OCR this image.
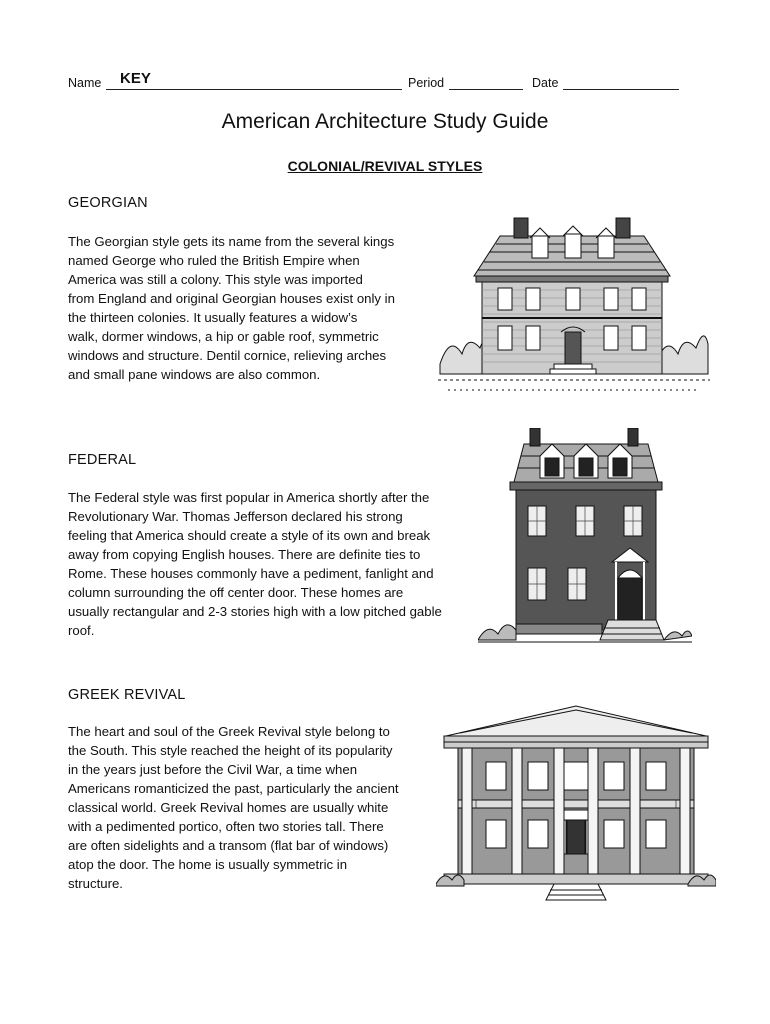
Name KEY	Period	Date
American Architecture Study Guide
COLONIAL/REVIVAL STYLES
GEORGIAN
The Georgian style gets its name from the several kings
named George who ruled the British Empire when
America was still a colony. This style was imported
from England and original Georgian houses exist only in
the thirteen colonies. It usually features a widow’s
walk, dormer windows, a hip or gable roof, symmetric
windows and structure. Dentil cornice, relieving arches
and small pane windows are also common.
FEDERAL
The Federal style was first popular in America shortly after the
Revolutionary War. Thomas Jefferson declared his strong
feeling that America should create a style of its own and break
away from copying English houses. There are definite ties to
Rome. These houses commonly have a pediment, fanlight and
column surrounding the off center door. These homes are
usually rectangular and 2-3 stories high with a low pitched gable
roof.
GREEK REVIVAL
The heart and soul of the Greek Revival style belong to
the South. This style reached the height of its popularity
in the years just before the Civil War, a time when
Americans romanticized the past, particularly the ancient
classical world. Greek Revival homes are usually white
with a pedimented portico, often two stories tall. There
are often sidelights and a transom (flat bar of windows)
atop the door. The home is usually symmetric in
structure.
